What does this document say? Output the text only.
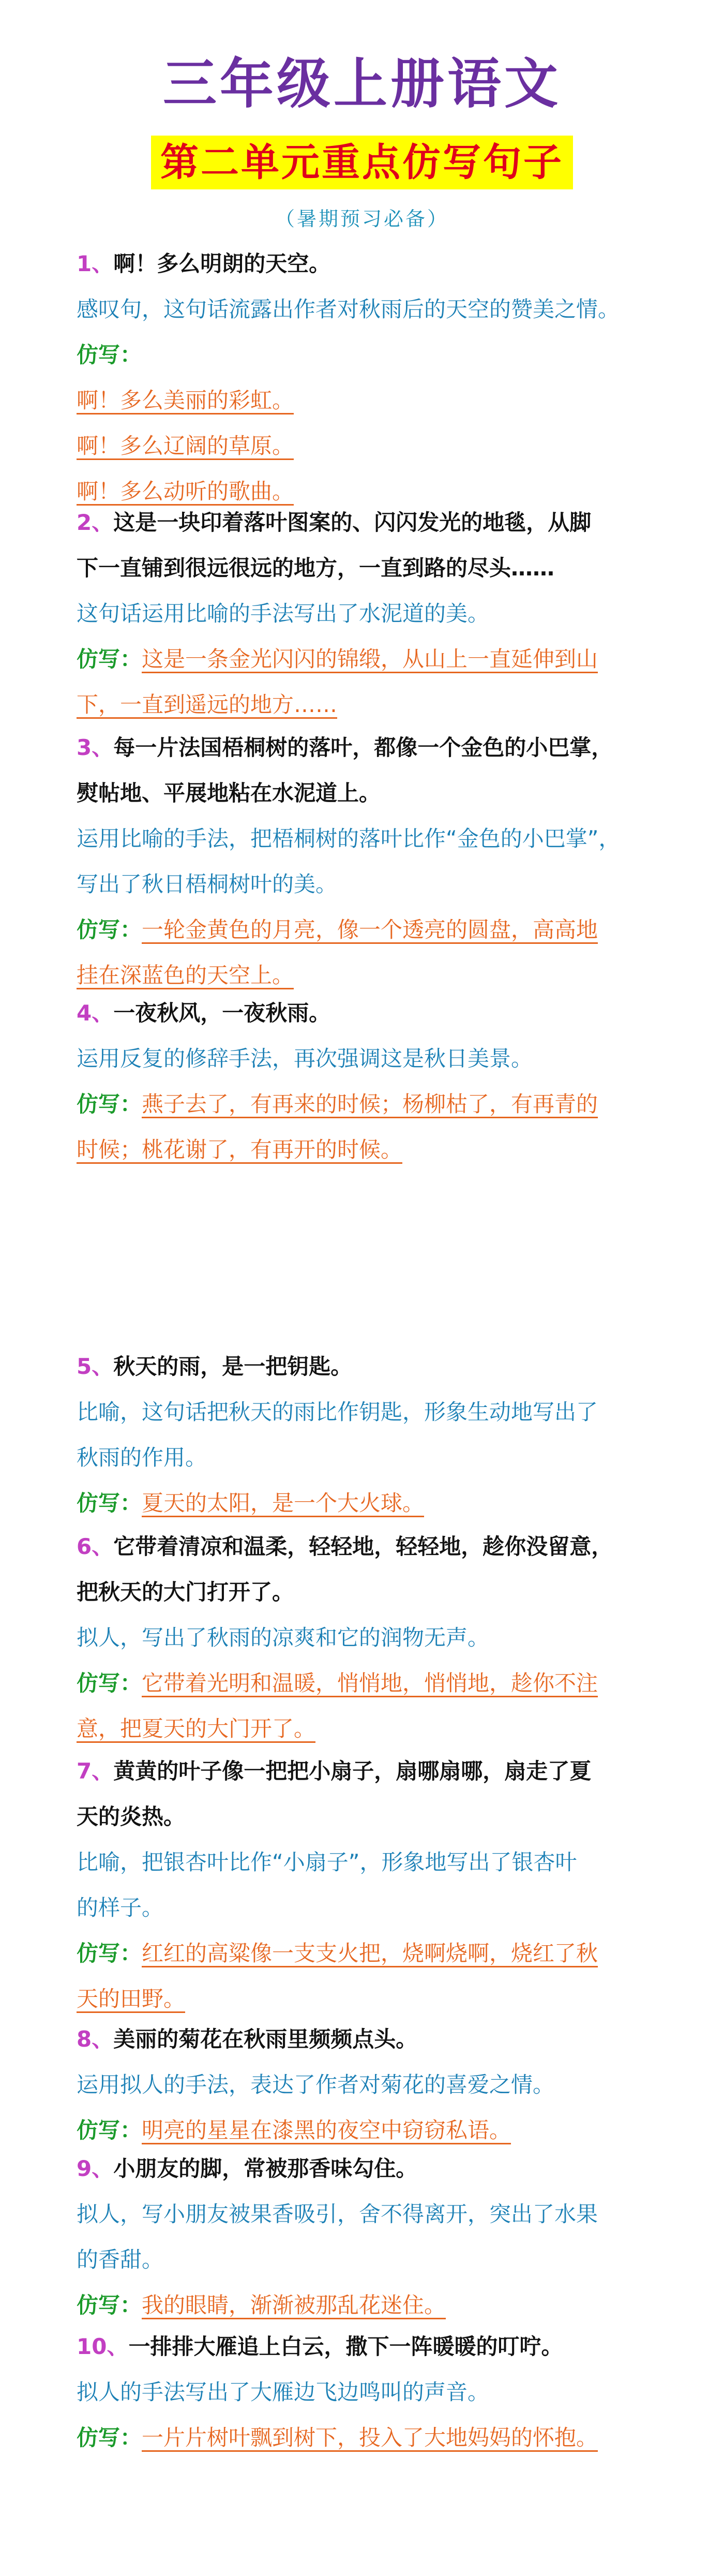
三年级上册语文
第二单元重点仿写句子
（暑期预习必备）
1、啊！多么明朗的天空。
感叹句，这句话流露出作者对秋雨后的天空的赞美之情。
仿写：
啊！多么美丽的彩虹。
啊！多么辽阔的草原。
啊！多么动听的歌曲。
2、这是一块印着落叶图案的、闪闪发光的地毯，从脚
下一直铺到很远很远的地方，一直到路的尽头……
这句话运用比喻的手法写出了水泥道的美。
仿写：这是一条金光闪闪的锦缎，从山上一直延伸到山
下，一直到遥远的地方……
3、每一片法国梧桐树的落叶，都像一个金色的小巴掌，
熨帖地、平展地粘在水泥道上。
运用比喻的手法，把梧桐树的落叶比作“金色的小巴掌”，
写出了秋日梧桐树叶的美。
仿写：一轮金黄色的月亮，像一个透亮的圆盘，高高地
挂在深蓝色的天空上。
4、一夜秋风，一夜秋雨。
运用反复的修辞手法，再次强调这是秋日美景。
仿写：燕子去了，有再来的时候；杨柳枯了，有再青的
时候；桃花谢了，有再开的时候。
5、秋天的雨，是一把钥匙。
比喻，这句话把秋天的雨比作钥匙，形象生动地写出了
秋雨的作用。
仿写：夏天的太阳，是一个大火球。
6、它带着清凉和温柔，轻轻地，轻轻地，趁你没留意，
把秋天的大门打开了。
拟人，写出了秋雨的凉爽和它的润物无声。
仿写：它带着光明和温暖，悄悄地，悄悄地，趁你不注
意，把夏天的大门开了。
7、黄黄的叶子像一把把小扇子，扇哪扇哪，扇走了夏
天的炎热。
比喻，把银杏叶比作“小扇子”，形象地写出了银杏叶
的样子。
仿写：红红的高粱像一支支火把，烧啊烧啊，烧红了秋
天的田野。
8、美丽的菊花在秋雨里频频点头。
运用拟人的手法，表达了作者对菊花的喜爱之情。
仿写：明亮的星星在漆黑的夜空中窃窃私语。
9、小朋友的脚，常被那香味勾住。
拟人，写小朋友被果香吸引，舍不得离开，突出了水果
的香甜。
仿写：我的眼睛，渐渐被那乱花迷住。
10、一排排大雁追上白云，撒下一阵暖暖的叮咛。
拟人的手法写出了大雁边飞边鸣叫的声音。
仿写：一片片树叶飘到树下，投入了大地妈妈的怀抱。
